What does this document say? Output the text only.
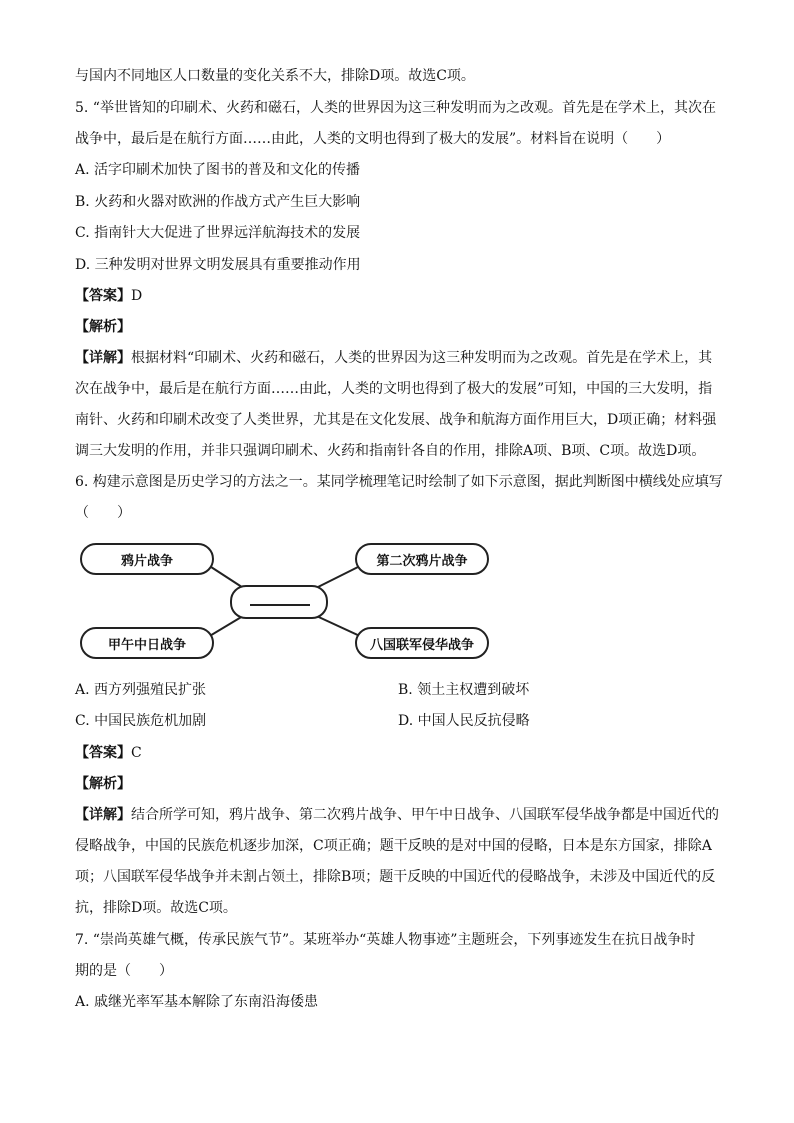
与国内不同地区人口数量的变化关系不大，排除D项。故选C项。
5. “举世皆知的印刷术、火药和磁石，人类的世界因为这三种发明而为之改观。首先是在学术上，其次在
战争中，最后是在航行方面……由此，人类的文明也得到了极大的发展”。材料旨在说明（　　）
A. 活字印刷术加快了图书的普及和文化的传播
B. 火药和火器对欧洲的作战方式产生巨大影响
C. 指南针大大促进了世界远洋航海技术的发展
D. 三种发明对世界文明发展具有重要推动作用
【答案】D
【解析】
【详解】根据材料“印刷术、火药和磁石，人类的世界因为这三种发明而为之改观。首先是在学术上，其
次在战争中，最后是在航行方面……由此，人类的文明也得到了极大的发展”可知，中国的三大发明，指
南针、火药和印刷术改变了人类世界，尤其是在文化发展、战争和航海方面作用巨大，D项正确；材料强
调三大发明的作用，并非只强调印刷术、火药和指南针各自的作用，排除A项、B项、C项。故选D项。
6. 构建示意图是历史学习的方法之一。某同学梳理笔记时绘制了如下示意图，据此判断图中横线处应填写
（　　）
鸦片战争	第二次鸦片战争
甲午中日战争	八国联军侵华战争
A. 西方列强殖民扩张	B. 领土主权遭到破坏
C. 中国民族危机加剧	D. 中国人民反抗侵略
【答案】C
【解析】
【详解】结合所学可知，鸦片战争、第二次鸦片战争、甲午中日战争、八国联军侵华战争都是中国近代的
侵略战争，中国的民族危机逐步加深，C项正确；题干反映的是对中国的侵略，日本是东方国家，排除A
项；八国联军侵华战争并未割占领土，排除B项；题干反映的中国近代的侵略战争，未涉及中国近代的反
抗，排除D项。故选C项。
7. “崇尚英雄气概，传承民族气节”。某班举办“英雄人物事迹”主题班会，下列事迹发生在抗日战争时
期的是（　　）
A. 戚继光率军基本解除了东南沿海倭患
